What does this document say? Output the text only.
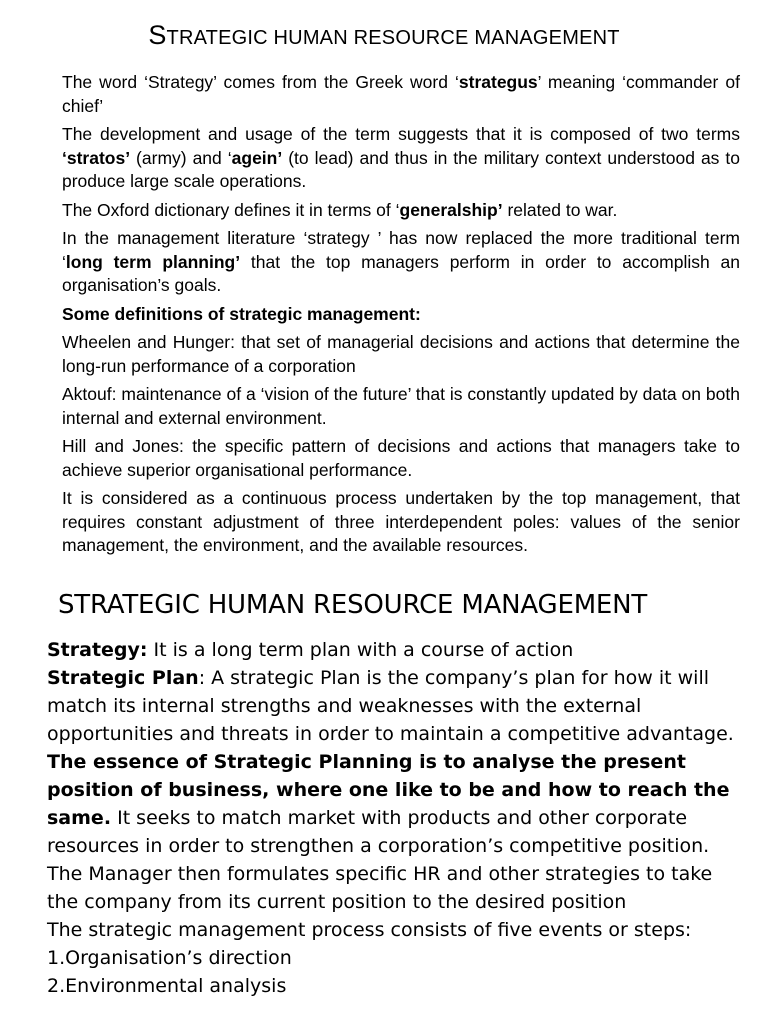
STRATEGIC HUMAN RESOURCE MANAGEMENT

The word ‘Strategy’ comes from the Greek word ‘strategus’ meaning ‘commander of chief’

The development and usage of the term suggests that it is composed of two terms ‘stratos’ (army) and ‘agein’ (to lead) and thus in the military context understood as to produce large scale operations.

The Oxford dictionary defines it in terms of ‘generalship’ related to war.

In the management literature ‘strategy ’ has now replaced the more traditional term ‘long term planning’ that the top managers perform in order to accomplish an organisation’s goals.

Some definitions of strategic management:

Wheelen and Hunger: that set of managerial decisions and actions that determine the long-run performance of a corporation

Aktouf: maintenance of a ‘vision of the future’ that is constantly updated by data on both internal and external environment.

Hill and Jones: the specific pattern of decisions and actions that managers take to achieve superior organisational performance.

It is considered as a continuous process undertaken by the top management, that requires constant adjustment of three interdependent poles: values of the senior management, the environment, and the available resources.

STRATEGIC HUMAN RESOURCE MANAGEMENT

Strategy: It is a long term plan with a course of action

Strategic Plan: A strategic Plan is the company’s plan for how it will match its internal strengths and weaknesses with the external opportunities and threats in order to maintain a competitive advantage.

The essence of Strategic Planning is to analyse the present position of business, where one like to be and how to reach the same. It seeks to match market with products and other corporate resources in order to strengthen a corporation’s competitive position. The Manager then formulates specific HR and other strategies to take the company from its current position to the desired position

The strategic management process consists of five events or steps:

1.Organisation’s direction

2.Environmental analysis
